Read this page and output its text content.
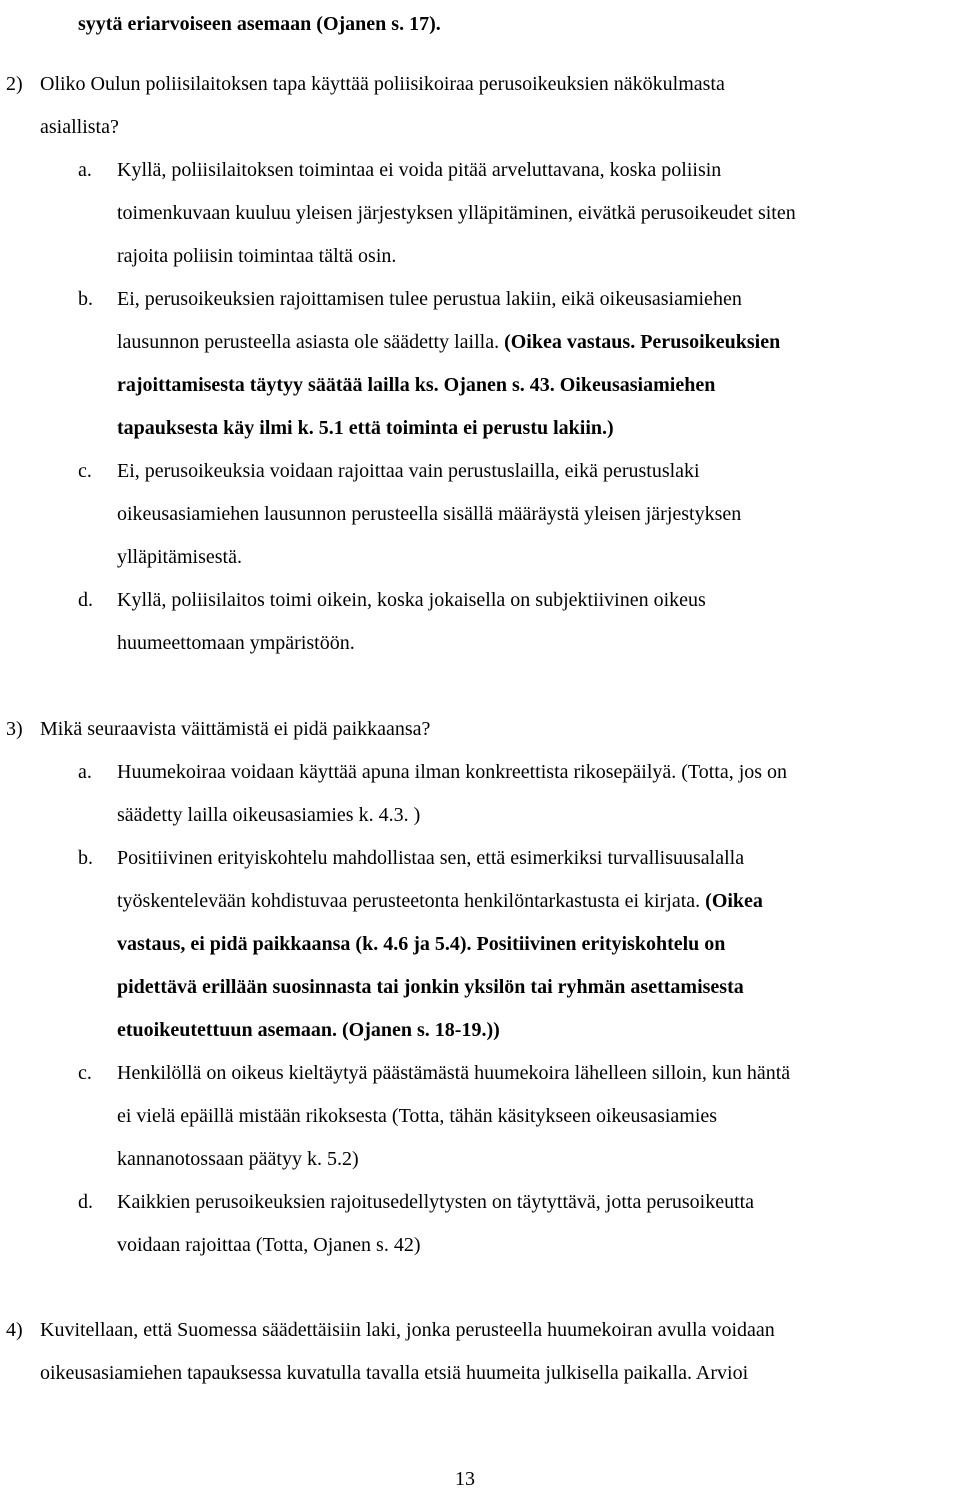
syytä eriarvoiseen asemaan (Ojanen s. 17).
2) Oliko Oulun poliisilaitoksen tapa käyttää poliisikoiraa perusoikeuksien näkökulmasta
asiallista?
a. Kyllä, poliisilaitoksen toimintaa ei voida pitää arveluttavana, koska poliisin
toimenkuvaan kuuluu yleisen järjestyksen ylläpitäminen, eivätkä perusoikeudet siten
rajoita poliisin toimintaa tältä osin.
b. Ei, perusoikeuksien rajoittamisen tulee perustua lakiin, eikä oikeusasiamiehen
lausunnon perusteella asiasta ole säädetty lailla. (Oikea vastaus. Perusoikeuksien
rajoittamisesta täytyy säätää lailla ks. Ojanen s. 43. Oikeusasiamiehen
tapauksesta käy ilmi k. 5.1 että toiminta ei perustu lakiin.)
c. Ei, perusoikeuksia voidaan rajoittaa vain perustuslailla, eikä perustuslaki
oikeusasiamiehen lausunnon perusteella sisällä määräystä yleisen järjestyksen
ylläpitämisestä.
d. Kyllä, poliisilaitos toimi oikein, koska jokaisella on subjektiivinen oikeus
huumeettomaan ympäristöön.
3) Mikä seuraavista väittämistä ei pidä paikkaansa?
a. Huumekoiraa voidaan käyttää apuna ilman konkreettista rikosepäilyä. (Totta, jos on
säädetty lailla oikeusasiamies k. 4.3. )
b. Positiivinen erityiskohtelu mahdollistaa sen, että esimerkiksi turvallisuusalalla
työskentelevään kohdistuvaa perusteetonta henkilöntarkastusta ei kirjata. (Oikea
vastaus, ei pidä paikkaansa (k. 4.6 ja 5.4). Positiivinen erityiskohtelu on
pidettävä erillään suosinnasta tai jonkin yksilön tai ryhmän asettamisesta
etuoikeutettuun asemaan. (Ojanen s. 18-19.))
c. Henkilöllä on oikeus kieltäytyä päästämästä huumekoira lähelleen silloin, kun häntä
ei vielä epäillä mistään rikoksesta (Totta, tähän käsitykseen oikeusasiamies
kannanotossaan päätyy k. 5.2)
d. Kaikkien perusoikeuksien rajoitusedellytysten on täytyttävä, jotta perusoikeutta
voidaan rajoittaa (Totta, Ojanen s. 42)
4) Kuvitellaan, että Suomessa säädettäisiin laki, jonka perusteella huumekoiran avulla voidaan
oikeusasiamiehen tapauksessa kuvatulla tavalla etsiä huumeita julkisella paikalla. Arvioi
13
